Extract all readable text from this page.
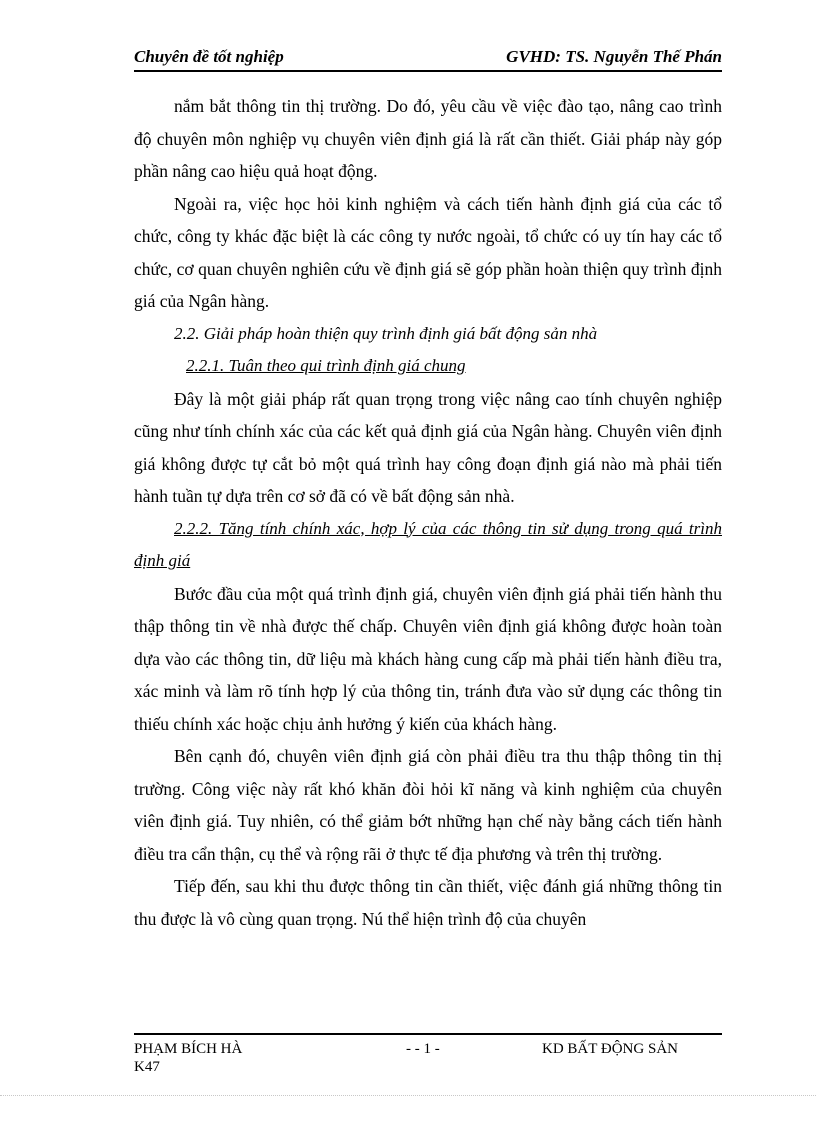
Chuyên đề tốt nghiệp	GVHD: TS. Nguyễn Thế Phán

nắm bắt thông tin thị trường. Do đó, yêu cầu về việc đào tạo, nâng cao trình độ chuyên môn nghiệp vụ chuyên viên định giá là rất cần thiết. Giải pháp này góp phần nâng cao hiệu quả hoạt động.

Ngoài ra, việc học hỏi kinh nghiệm và cách tiến hành định giá của các tổ chức, công ty khác đặc biệt là các công ty nước ngoài, tổ chức có uy tín hay các tổ chức, cơ quan chuyên nghiên cứu về định giá sẽ góp phần hoàn thiện quy trình định giá của Ngân hàng.

2.2. Giải pháp hoàn thiện quy trình định giá bất động sản nhà

2.2.1. Tuân theo qui trình định giá chung

Đây là một giải pháp rất quan trọng trong việc nâng cao tính chuyên nghiệp cũng như tính chính xác của các kết quả định giá của Ngân hàng. Chuyên viên định giá không được tự cắt bỏ một quá trình hay công đoạn định giá nào mà phải tiến hành tuần tự dựa trên cơ sở đã có về bất động sản nhà.

2.2.2. Tăng tính chính xác, hợp lý của các thông tin sử dụng trong quá trình định giá

Bước đầu của một quá trình định giá, chuyên viên định giá phải tiến hành thu thập thông tin về nhà được thế chấp. Chuyên viên định giá không được hoàn toàn dựa vào các thông tin, dữ liệu mà khách hàng cung cấp mà phải tiến hành điều tra, xác minh và làm rõ tính hợp lý của thông tin, tránh đưa vào sử dụng các thông tin thiếu chính xác hoặc chịu ảnh hưởng ý kiến của khách hàng.

Bên cạnh đó, chuyên viên định giá còn phải điều tra thu thập thông tin thị trường. Công việc này rất khó khăn đòi hỏi kĩ năng và kinh nghiệm của chuyên viên định giá. Tuy nhiên, có thể giảm bớt những hạn chế này bằng cách tiến hành điều tra cẩn thận, cụ thể và rộng rãi ở thực tế địa phương và trên thị trường.

Tiếp đến, sau khi thu được thông tin cần thiết, việc đánh giá những thông tin thu được là vô cùng quan trọng. Nú thể hiện trình độ của chuyên

PHẠM BÍCH HÀ	- - 1 -	KD BẤT ĐỘNG SẢN
K47
